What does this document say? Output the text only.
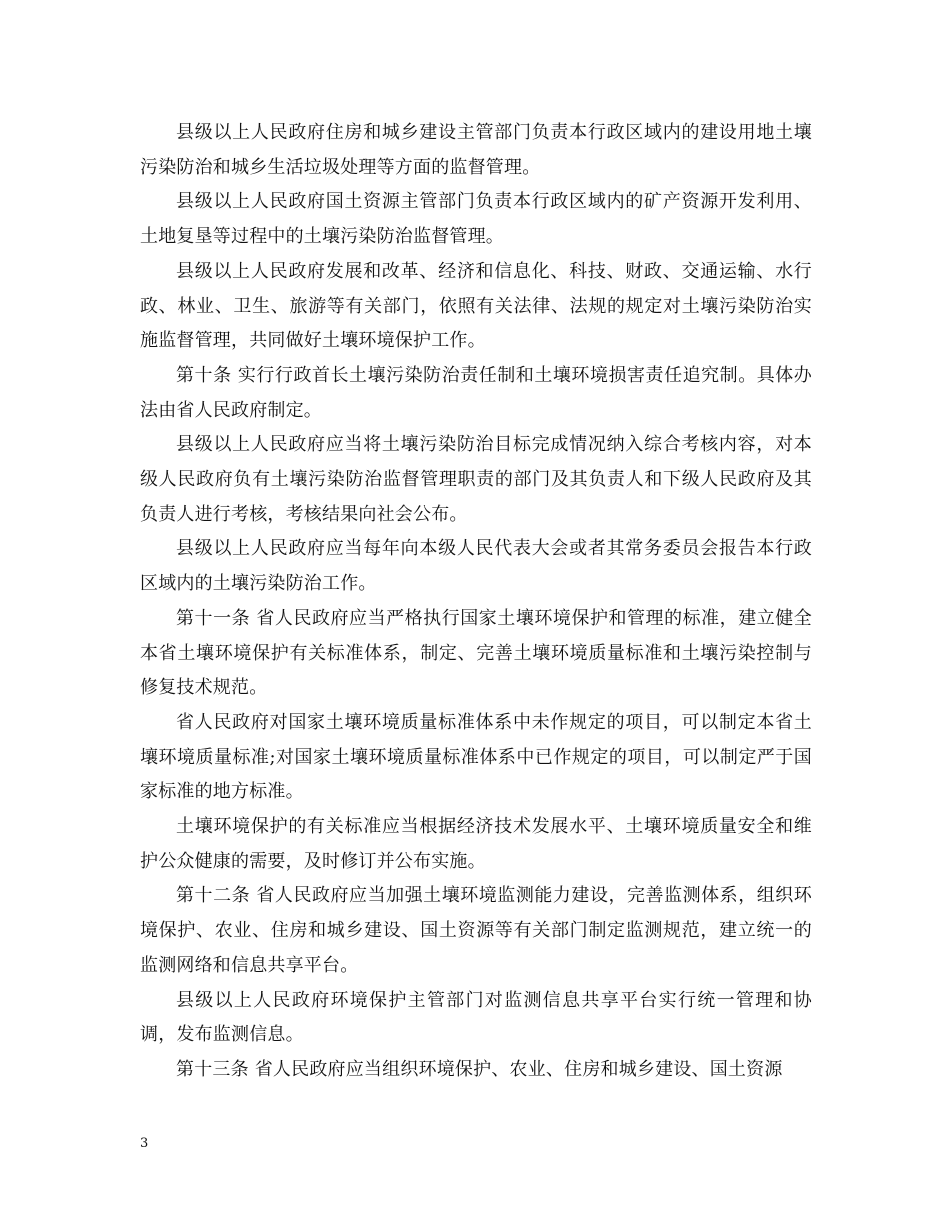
县级以上人民政府住房和城乡建设主管部门负责本行政区域内的建设用地土壤污染防治和城乡生活垃圾处理等方面的监督管理。

县级以上人民政府国土资源主管部门负责本行政区域内的矿产资源开发利用、土地复垦等过程中的土壤污染防治监督管理。

县级以上人民政府发展和改革、经济和信息化、科技、财政、交通运输、水行政、林业、卫生、旅游等有关部门，依照有关法律、法规的规定对土壤污染防治实施监督管理，共同做好土壤环境保护工作。

第十条 实行行政首长土壤污染防治责任制和土壤环境损害责任追究制。具体办法由省人民政府制定。

县级以上人民政府应当将土壤污染防治目标完成情况纳入综合考核内容，对本级人民政府负有土壤污染防治监督管理职责的部门及其负责人和下级人民政府及其负责人进行考核，考核结果向社会公布。

县级以上人民政府应当每年向本级人民代表大会或者其常务委员会报告本行政区域内的土壤污染防治工作。

第十一条 省人民政府应当严格执行国家土壤环境保护和管理的标准，建立健全本省土壤环境保护有关标准体系，制定、完善土壤环境质量标准和土壤污染控制与修复技术规范。

省人民政府对国家土壤环境质量标准体系中未作规定的项目，可以制定本省土壤环境质量标准;对国家土壤环境质量标准体系中已作规定的项目，可以制定严于国家标准的地方标准。

土壤环境保护的有关标准应当根据经济技术发展水平、土壤环境质量安全和维护公众健康的需要，及时修订并公布实施。

第十二条 省人民政府应当加强土壤环境监测能力建设，完善监测体系，组织环境保护、农业、住房和城乡建设、国土资源等有关部门制定监测规范，建立统一的监测网络和信息共享平台。

县级以上人民政府环境保护主管部门对监测信息共享平台实行统一管理和协调，发布监测信息。

第十三条 省人民政府应当组织环境保护、农业、住房和城乡建设、国土资源

3
